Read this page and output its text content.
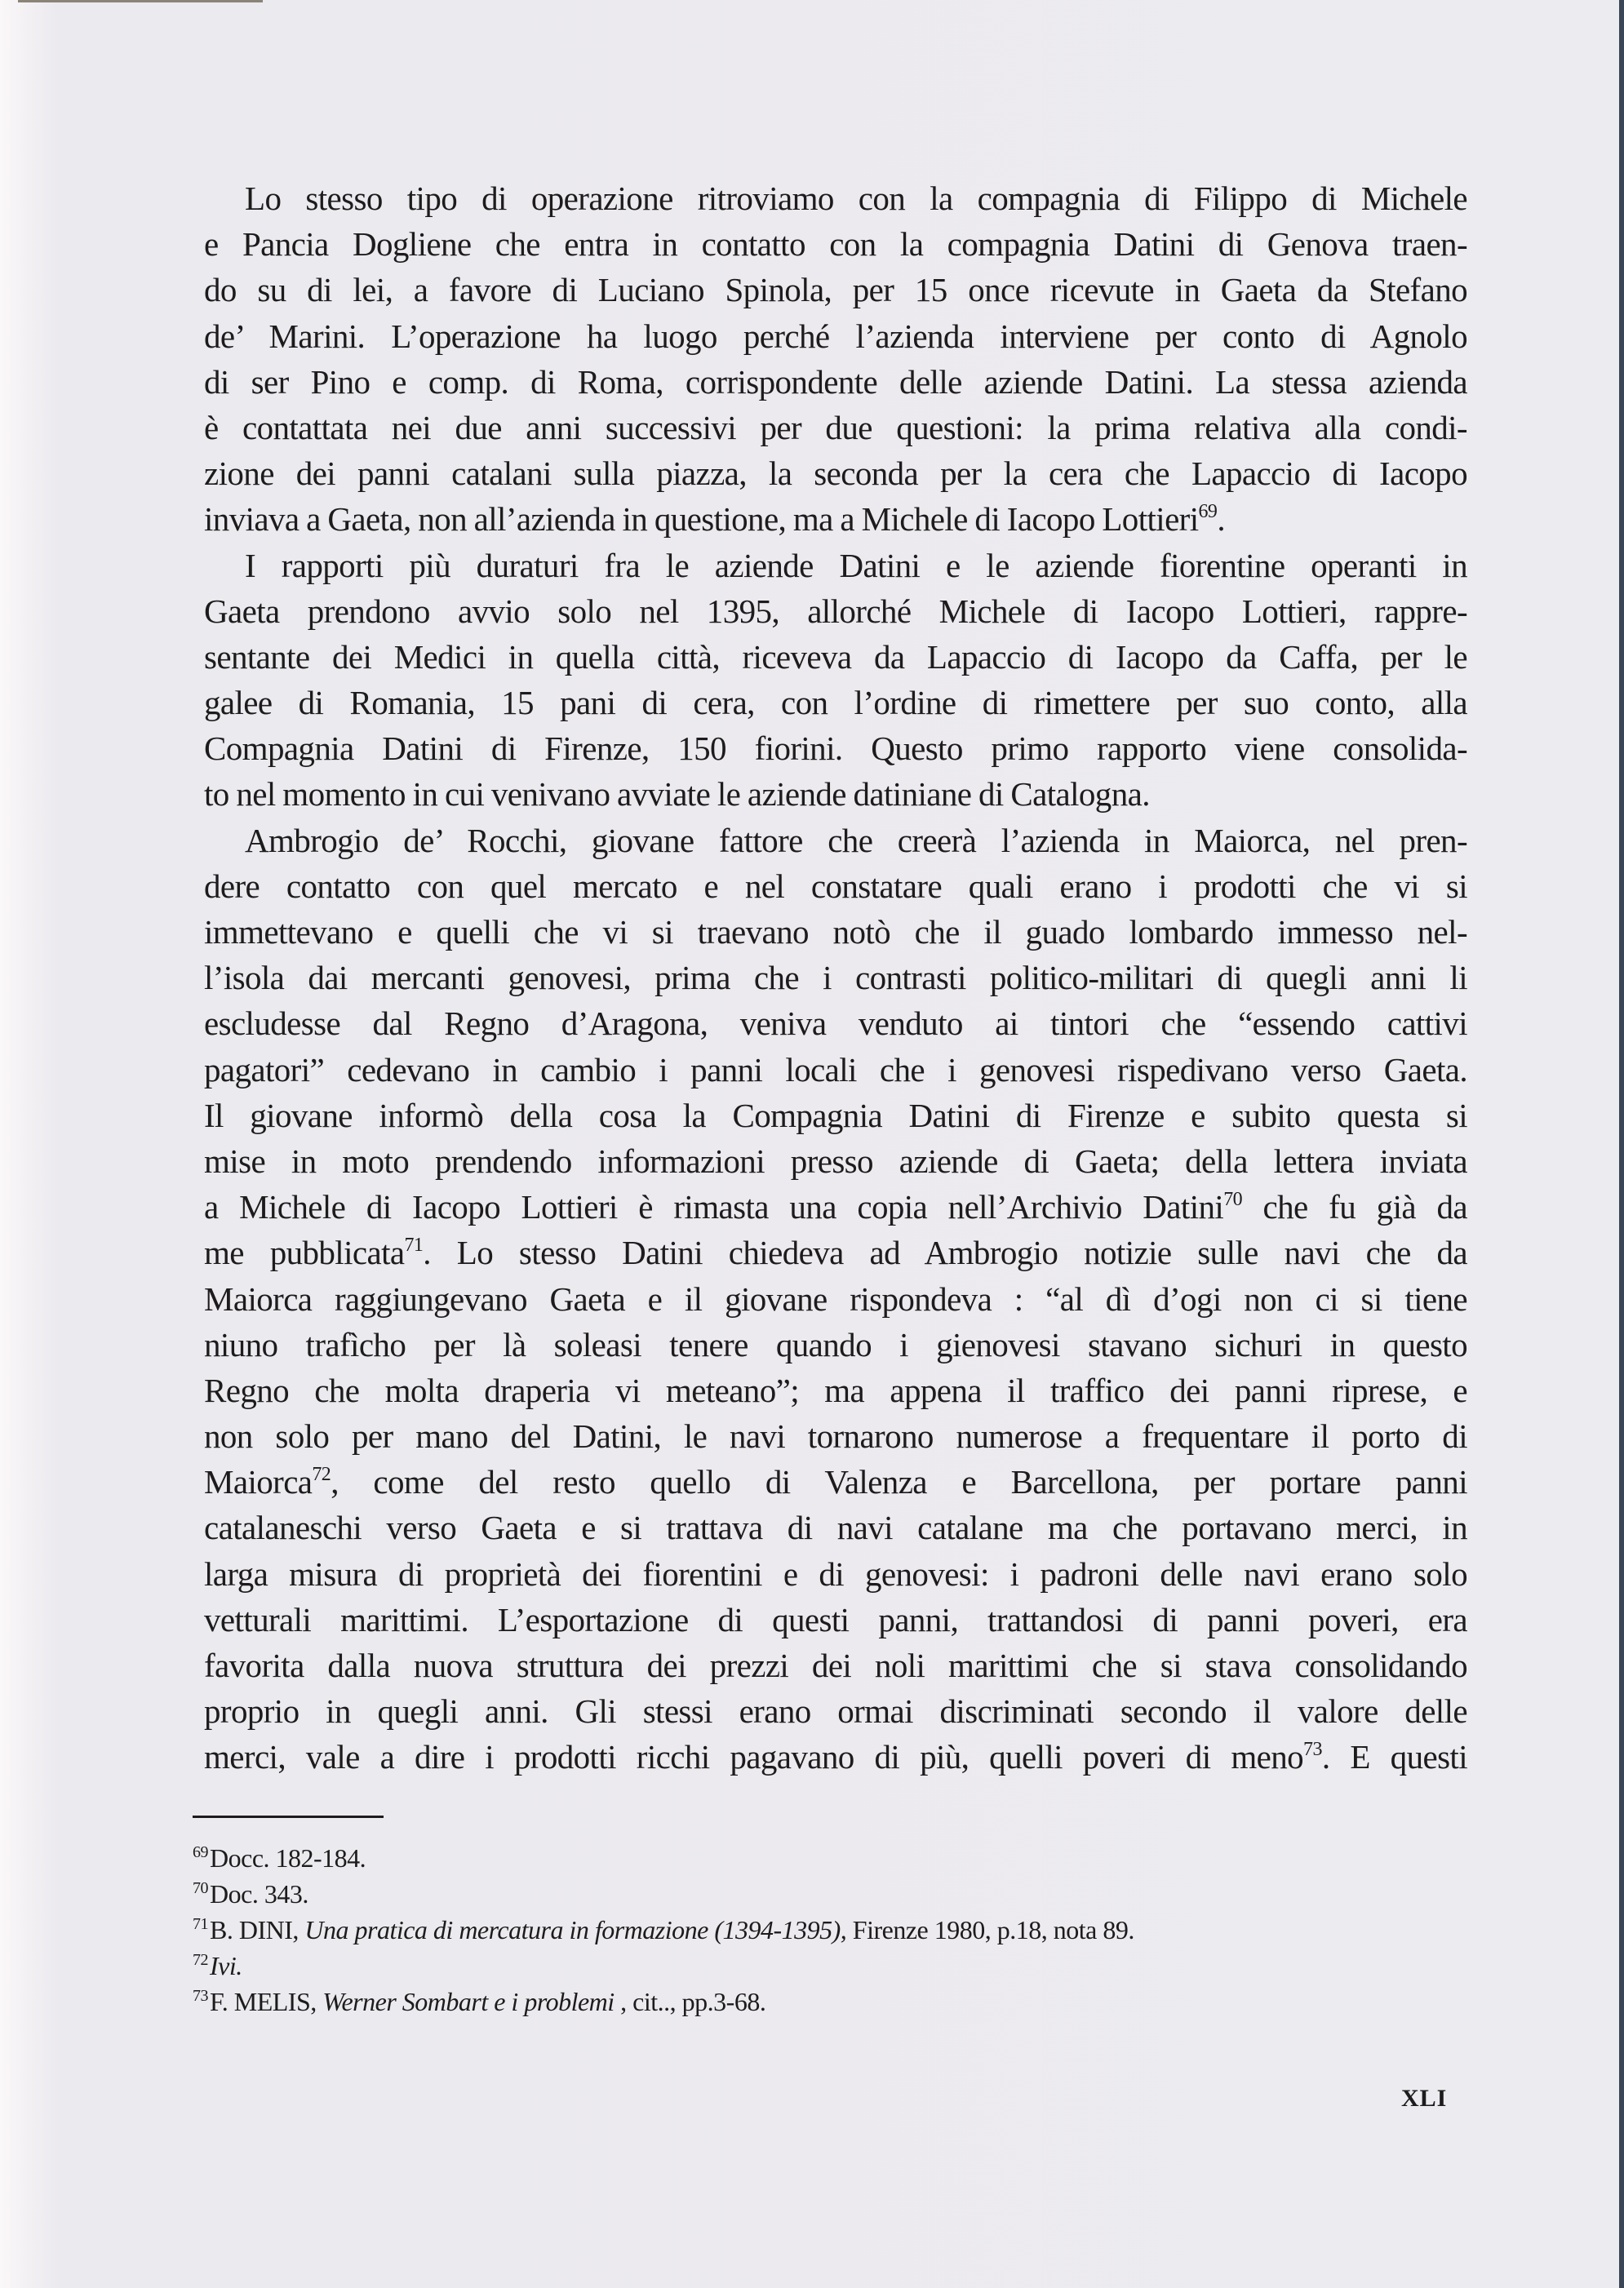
Lo stesso tipo di operazione ritroviamo con la compagnia di Filippo di Michele
e Pancia Dogliene che entra in contatto con la compagnia Datini di Genova traen-
do su di lei, a favore di Luciano Spinola, per 15 once ricevute in Gaeta da Stefano
de’ Marini. L’operazione ha luogo perché l’azienda interviene per conto di Agnolo
di ser Pino e comp. di Roma, corrispondente delle aziende Datini. La stessa azienda
è contattata nei due anni successivi per due questioni: la prima relativa alla condi-
zione dei panni catalani sulla piazza, la seconda per la cera che Lapaccio di Iacopo
inviava a Gaeta, non all’azienda in questione, ma a Michele di Iacopo Lottieri$^{69}$.
I rapporti più duraturi fra le aziende Datini e le aziende fiorentine operanti in
Gaeta prendono avvio solo nel 1395, allorché Michele di Iacopo Lottieri, rappre-
sentante dei Medici in quella città, riceveva da Lapaccio di Iacopo da Caffa, per le
galee di Romania, 15 pani di cera, con l’ordine di rimettere per suo conto, alla
Compagnia Datini di Firenze, 150 fiorini. Questo primo rapporto viene consolida-
to nel momento in cui venivano avviate le aziende datiniane di Catalogna.
Ambrogio de’ Rocchi, giovane fattore che creerà l’azienda in Maiorca, nel pren-
dere contatto con quel mercato e nel constatare quali erano i prodotti che vi si
immettevano e quelli che vi si traevano notò che il guado lombardo immesso nel-
l’isola dai mercanti genovesi, prima che i contrasti politico-militari di quegli anni li
escludesse dal Regno d’Aragona, veniva venduto ai tintori che “essendo cattivi
pagatori” cedevano in cambio i panni locali che i genovesi rispedivano verso Gaeta.
Il giovane informò della cosa la Compagnia Datini di Firenze e subito questa si
mise in moto prendendo informazioni presso aziende di Gaeta; della lettera inviata
a Michele di Iacopo Lottieri è rimasta una copia nell’Archivio Datini$^{70}$ che fu già da
me pubblicata$^{71}$. Lo stesso Datini chiedeva ad Ambrogio notizie sulle navi che da
Maiorca raggiungevano Gaeta e il giovane rispondeva : “al dì d’ogi non ci si tiene
niuno trafìcho per là soleasi tenere quando i gienovesi stavano sichuri in questo
Regno che molta draperia vi meteano”; ma appena il traffico dei panni riprese, e
non solo per mano del Datini, le navi tornarono numerose a frequentare il porto di
Maiorca$^{72}$, come del resto quello di Valenza e Barcellona, per portare panni
catalaneschi verso Gaeta e si trattava di navi catalane ma che portavano merci, in
larga misura di proprietà dei fiorentini e di genovesi: i padroni delle navi erano solo
vetturali marittimi. L’esportazione di questi panni, trattandosi di panni poveri, era
favorita dalla nuova struttura dei prezzi dei noli marittimi che si stava consolidando
proprio in quegli anni. Gli stessi erano ormai discriminati secondo il valore delle
merci, vale a dire i prodotti ricchi pagavano di più, quelli poveri di meno$^{73}$. E questi
$^{69}$Docc. 182-184.
$^{70}$Doc. 343.
$^{71}$B. DINI, Una pratica di mercatura in formazione (1394-1395), Firenze 1980, p.18, nota 89.
$^{72}$Ivi.
$^{73}$F. MELIS, Werner Sombart e i problemi , cit.., pp.3-68.
XLI
